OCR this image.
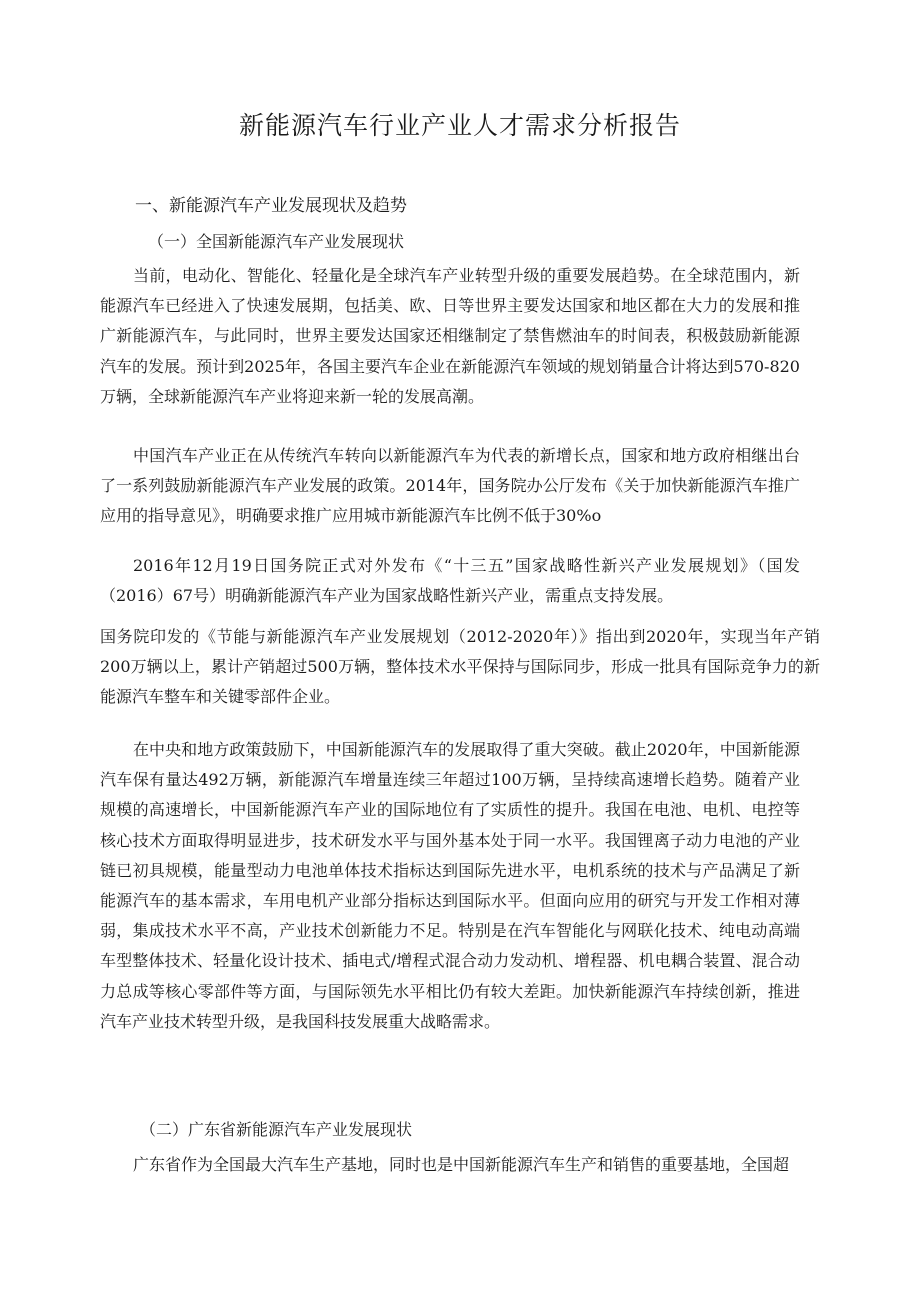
新能源汽车行业产业人才需求分析报告
一、新能源汽车产业发展现状及趋势
（一）全国新能源汽车产业发展现状

当前，电动化、智能化、轻量化是全球汽车产业转型升级的重要发展趋势。在全球范围内，新能源汽车已经进入了快速发展期，包括美、欧、日等世界主要发达国家和地区都在大力的发展和推广新能源汽车，与此同时，世界主要发达国家还相继制定了禁售燃油车的时间表，积极鼓励新能源汽车的发展。预计到2025年，各国主要汽车企业在新能源汽车领域的规划销量合计将达到570-820万辆，全球新能源汽车产业将迎来新一轮的发展高潮。

中国汽车产业正在从传统汽车转向以新能源汽车为代表的新增长点，国家和地方政府相继出台了一系列鼓励新能源汽车产业发展的政策。2014年，国务院办公厅发布《关于加快新能源汽车推广应用的指导意见》，明确要求推广应用城市新能源汽车比例不低于30%o

2016年12月19日国务院正式对外发布《“十三五”国家战略性新兴产业发展规划》（国发（2016）67号）明确新能源汽车产业为国家战略性新兴产业，需重点支持发展。

国务院印发的《节能与新能源汽车产业发展规划（2012-2020年）》指出到2020年，实现当年产销200万辆以上，累计产销超过500万辆，整体技术水平保持与国际同步，形成一批具有国际竞争力的新能源汽车整车和关键零部件企业。

在中央和地方政策鼓励下，中国新能源汽车的发展取得了重大突破。截止2020年，中国新能源汽车保有量达492万辆，新能源汽车增量连续三年超过100万辆，呈持续高速增长趋势。随着产业规模的高速增长，中国新能源汽车产业的国际地位有了实质性的提升。我国在电池、电机、电控等核心技术方面取得明显进步，技术研发水平与国外基本处于同一水平。我国锂离子动力电池的产业链已初具规模，能量型动力电池单体技术指标达到国际先进水平，电机系统的技术与产品满足了新能源汽车的基本需求，车用电机产业部分指标达到国际水平。但面向应用的研究与开发工作相对薄弱，集成技术水平不高，产业技术创新能力不足。特别是在汽车智能化与网联化技术、纯电动高端车型整体技术、轻量化设计技术、插电式/增程式混合动力发动机、增程器、机电耦合装置、混合动力总成等核心零部件等方面，与国际领先水平相比仍有较大差距。加快新能源汽车持续创新，推进汽车产业技术转型升级，是我国科技发展重大战略需求。

（二）广东省新能源汽车产业发展现状

广东省作为全国最大汽车生产基地，同时也是中国新能源汽车生产和销售的重要基地，全国超
